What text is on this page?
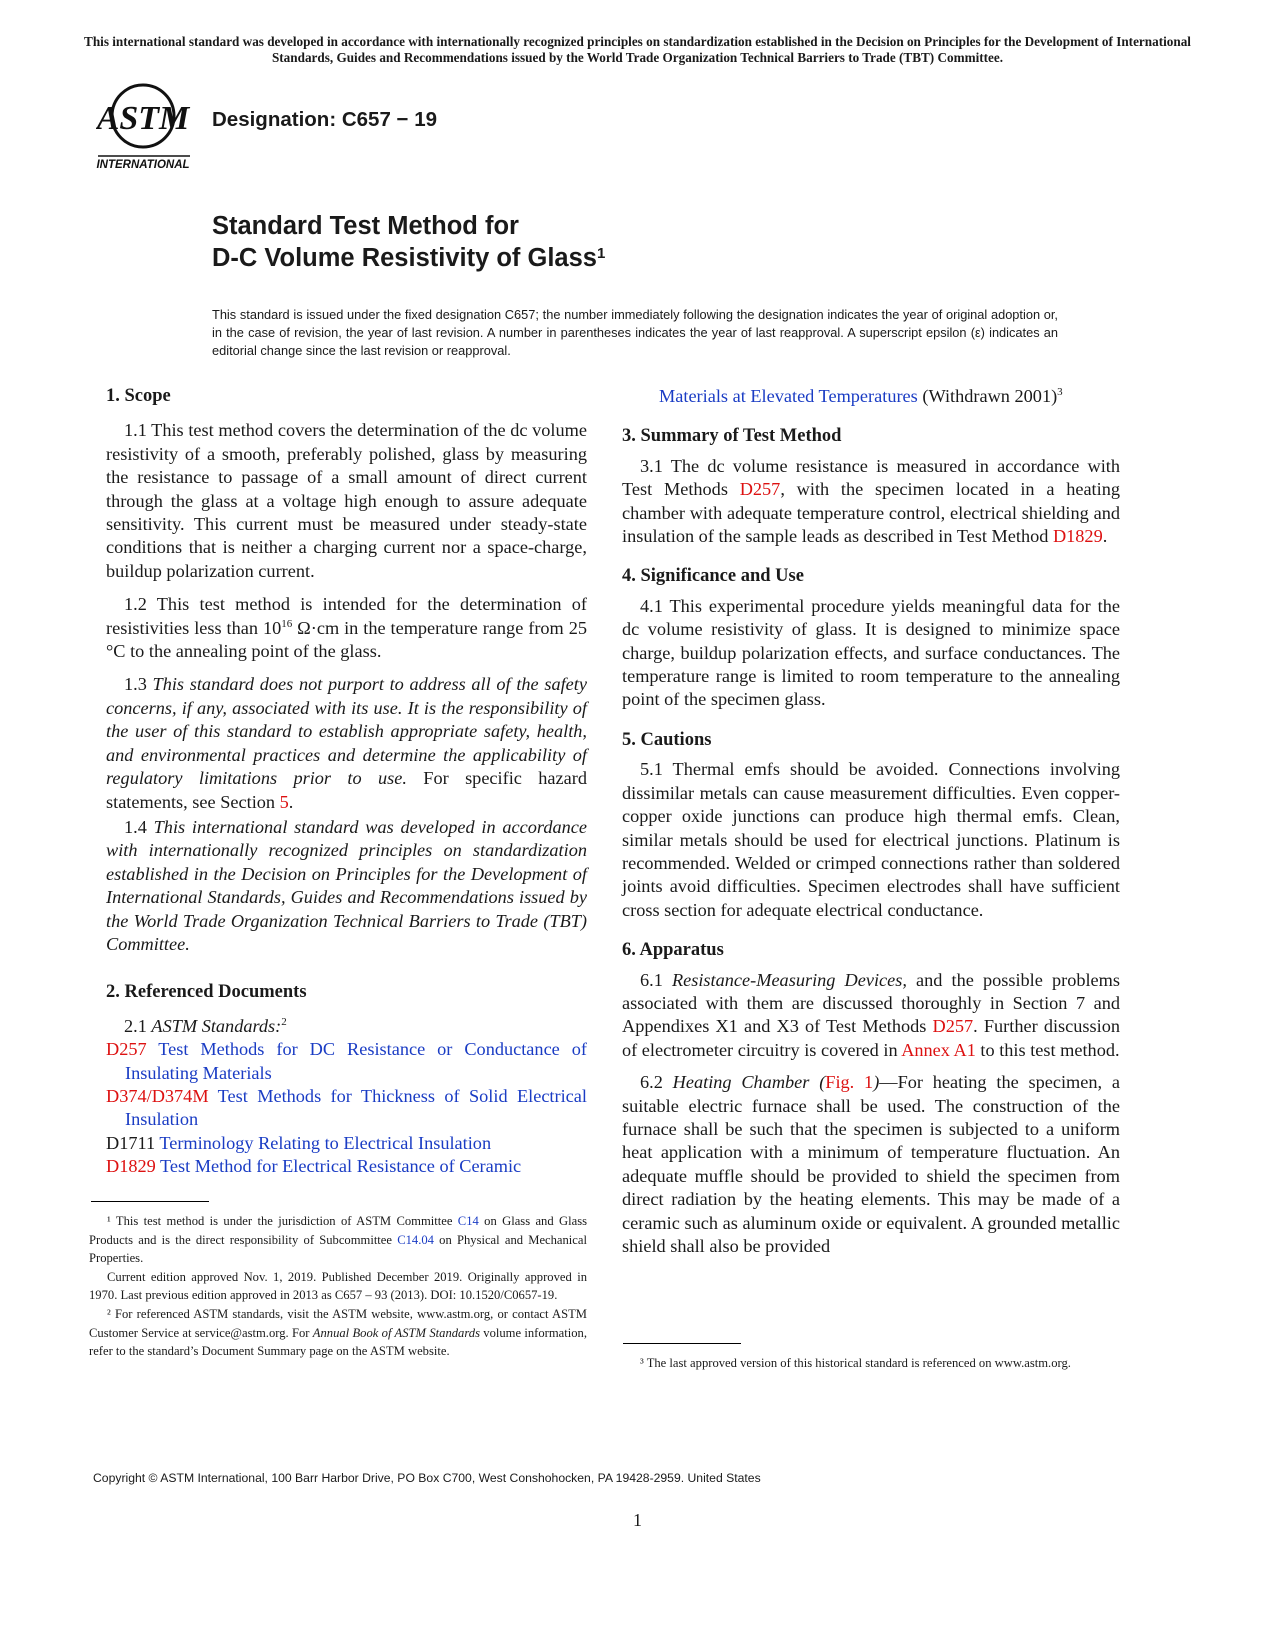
This international standard was developed in accordance with internationally recognized principles on standardization established in the Decision on Principles for the Development of International Standards, Guides and Recommendations issued by the World Trade Organization Technical Barriers to Trade (TBT) Committee.
ASTM
INTERNATIONAL
Designation: C657 − 19
Standard Test Method for
D-C Volume Resistivity of Glass$^1$
This standard is issued under the fixed designation C657; the number immediately following the designation indicates the year of original adoption or, in the case of revision, the year of last revision. A number in parentheses indicates the year of last reapproval. A superscript epsilon (ε) indicates an editorial change since the last revision or reapproval.
1. Scope

1.1 This test method covers the determination of the dc volume resistivity of a smooth, preferably polished, glass by measuring the resistance to passage of a small amount of direct current through the glass at a voltage high enough to assure adequate sensitivity. This current must be measured under steady-state conditions that is neither a charging current nor a space-charge, buildup polarization current.

1.2 This test method is intended for the determination of resistivities less than $10^{16}$ Ω·cm in the temperature range from 25 °C to the annealing point of the glass.

1.3 This standard does not purport to address all of the safety concerns, if any, associated with its use. It is the responsibility of the user of this standard to establish appropriate safety, health, and environmental practices and determine the applicability of regulatory limitations prior to use. For specific hazard statements, see Section 5.

1.4 This international standard was developed in accordance with internationally recognized principles on standardization established in the Decision on Principles for the Development of International Standards, Guides and Recommendations issued by the World Trade Organization Technical Barriers to Trade (TBT) Committee.

2. Referenced Documents

2.1 ASTM Standards:$^2$

D257 Test Methods for DC Resistance or Conductance of Insulating Materials
D374/D374M Test Methods for Thickness of Solid Electrical Insulation
D1711 Terminology Relating to Electrical Insulation
D1829 Test Method for Electrical Resistance of Ceramic

¹ This test method is under the jurisdiction of ASTM Committee C14 on Glass and Glass Products and is the direct responsibility of Subcommittee C14.04 on Physical and Mechanical Properties.

Current edition approved Nov. 1, 2019. Published December 2019. Originally approved in 1970. Last previous edition approved in 2013 as C657 – 93 (2013). DOI: 10.1520/C0657-19.

² For referenced ASTM standards, visit the ASTM website, www.astm.org, or contact ASTM Customer Service at service@astm.org. For Annual Book of ASTM Standards volume information, refer to the standard’s Document Summary page on the ASTM website.

Materials at Elevated Temperatures (Withdrawn 2001)$^3$
3. Summary of Test Method

3.1 The dc volume resistance is measured in accordance with Test Methods D257, with the specimen located in a heating chamber with adequate temperature control, electrical shielding and insulation of the sample leads as described in Test Method D1829.

4. Significance and Use

4.1 This experimental procedure yields meaningful data for the dc volume resistivity of glass. It is designed to minimize space charge, buildup polarization effects, and surface conductances. The temperature range is limited to room temperature to the annealing point of the specimen glass.

5. Cautions

5.1 Thermal emfs should be avoided. Connections involving dissimilar metals can cause measurement difficulties. Even copper-copper oxide junctions can produce high thermal emfs. Clean, similar metals should be used for electrical junctions. Platinum is recommended. Welded or crimped connections rather than soldered joints avoid difficulties. Specimen electrodes shall have sufficient cross section for adequate electrical conductance.

6. Apparatus

6.1 Resistance-Measuring Devices, and the possible problems associated with them are discussed thoroughly in Section 7 and Appendixes X1 and X3 of Test Methods D257. Further discussion of electrometer circuitry is covered in Annex A1 to this test method.

6.2 Heating Chamber (Fig. 1)—For heating the specimen, a suitable electric furnace shall be used. The construction of the furnace shall be such that the specimen is subjected to a uniform heat application with a minimum of temperature fluctuation. An adequate muffle should be provided to shield the specimen from direct radiation by the heating elements. This may be made of a ceramic such as aluminum oxide or equivalent. A grounded metallic shield shall also be provided

³ The last approved version of this historical standard is referenced on www.astm.org.

Copyright © ASTM International, 100 Barr Harbor Drive, PO Box C700, West Conshohocken, PA 19428-2959. United States
1
